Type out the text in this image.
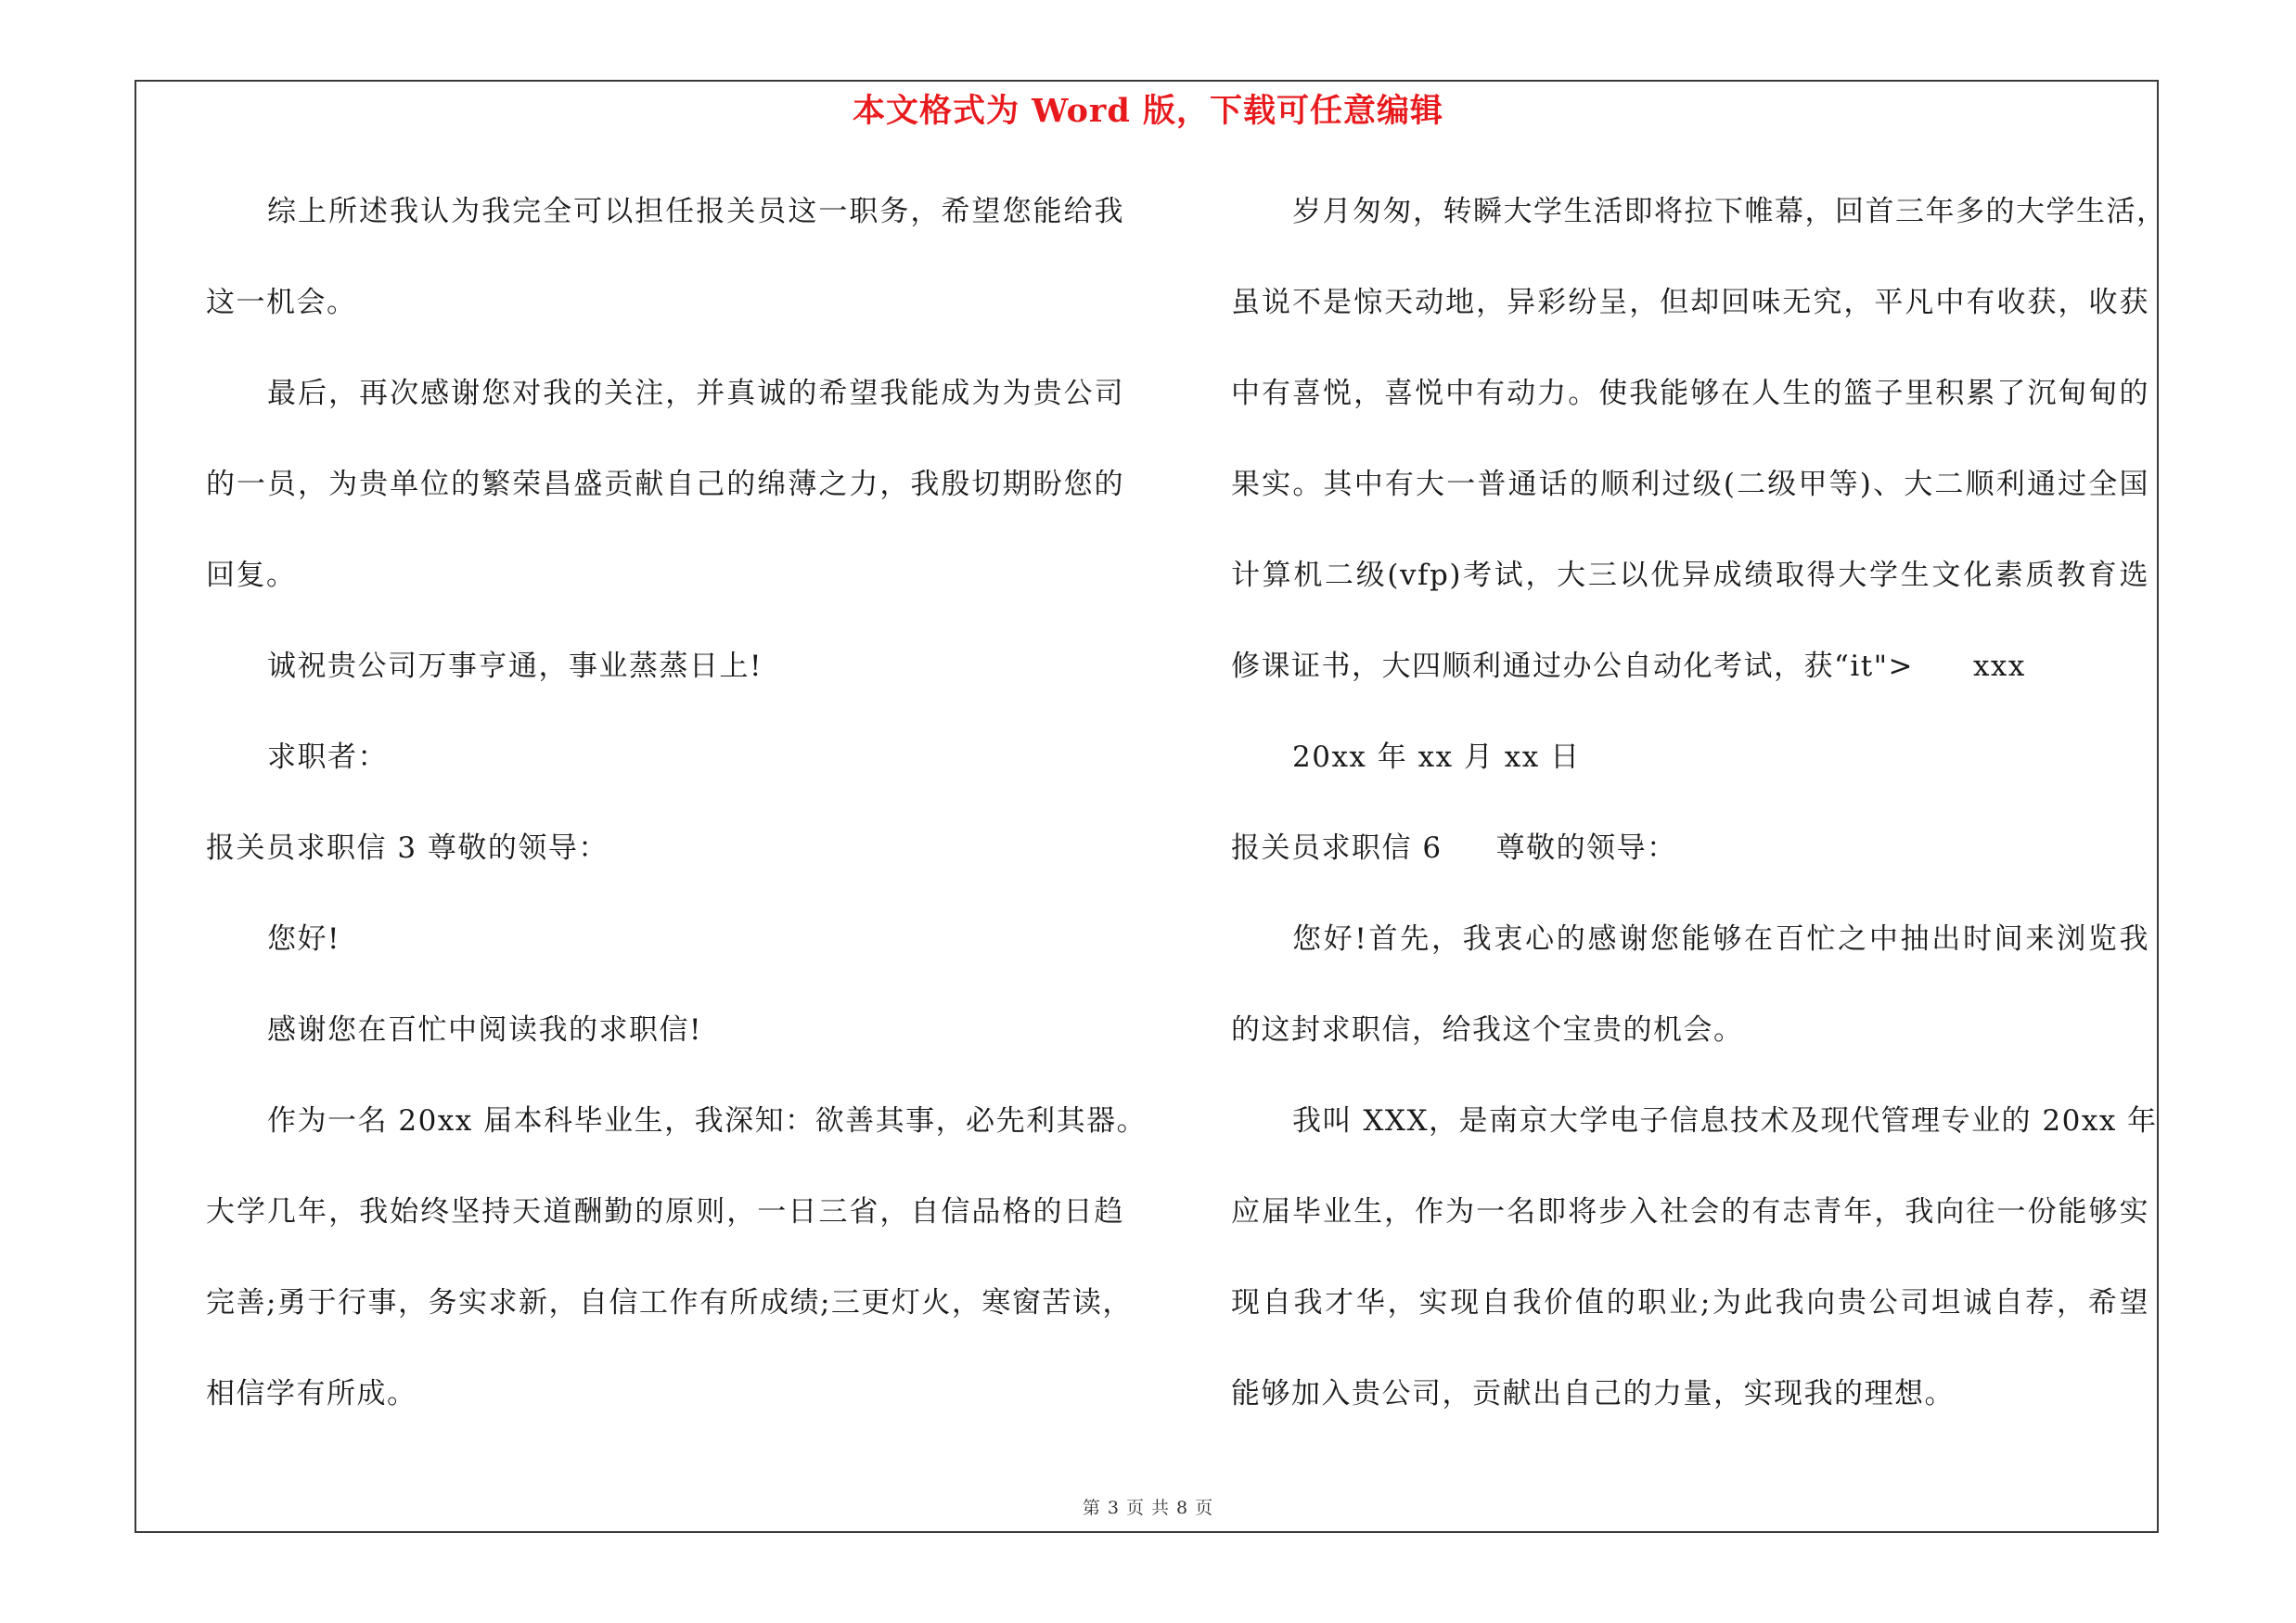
本文格式为 Word 版，下载可任意编辑
综上所述我认为我完全可以担任报关员这一职务，希望您能给我
这一机会。
最后，再次感谢您对我的关注，并真诚的希望我能成为为贵公司
的一员，为贵单位的繁荣昌盛贡献自己的绵薄之力，我殷切期盼您的
回复。
诚祝贵公司万事亨通，事业蒸蒸日上!
求职者：
报关员求职信 3 尊敬的领导：
您好!
感谢您在百忙中阅读我的求职信!
作为一名 20xx 届本科毕业生，我深知：欲善其事，必先利其器。
大学几年，我始终坚持天道酬勤的原则，一日三省，自信品格的日趋
完善;勇于行事，务实求新，自信工作有所成绩;三更灯火，寒窗苦读，
相信学有所成。
岁月匆匆，转瞬大学生活即将拉下帷幕，回首三年多的大学生活，
虽说不是惊天动地，异彩纷呈，但却回味无究，平凡中有收获，收获
中有喜悦，喜悦中有动力。使我能够在人生的篮子里积累了沉甸甸的
果实。其中有大一普通话的顺利过级(二级甲等)、大二顺利通过全国
计算机二级(vfp)考试，大三以优异成绩取得大学生文化素质教育选
修课证书，大四顺利通过办公自动化考试，获“it"> xxx
20xx 年 xx 月 xx 日
报关员求职信 6 尊敬的领导：
您好!首先，我衷心的感谢您能够在百忙之中抽出时间来浏览我
的这封求职信，给我这个宝贵的机会。
我叫 XXX，是南京大学电子信息技术及现代管理专业的 20xx 年
应届毕业生，作为一名即将步入社会的有志青年，我向往一份能够实
现自我才华，实现自我价值的职业;为此我向贵公司坦诚自荐，希望
能够加入贵公司，贡献出自己的力量，实现我的理想。
第 3 页 共 8 页
